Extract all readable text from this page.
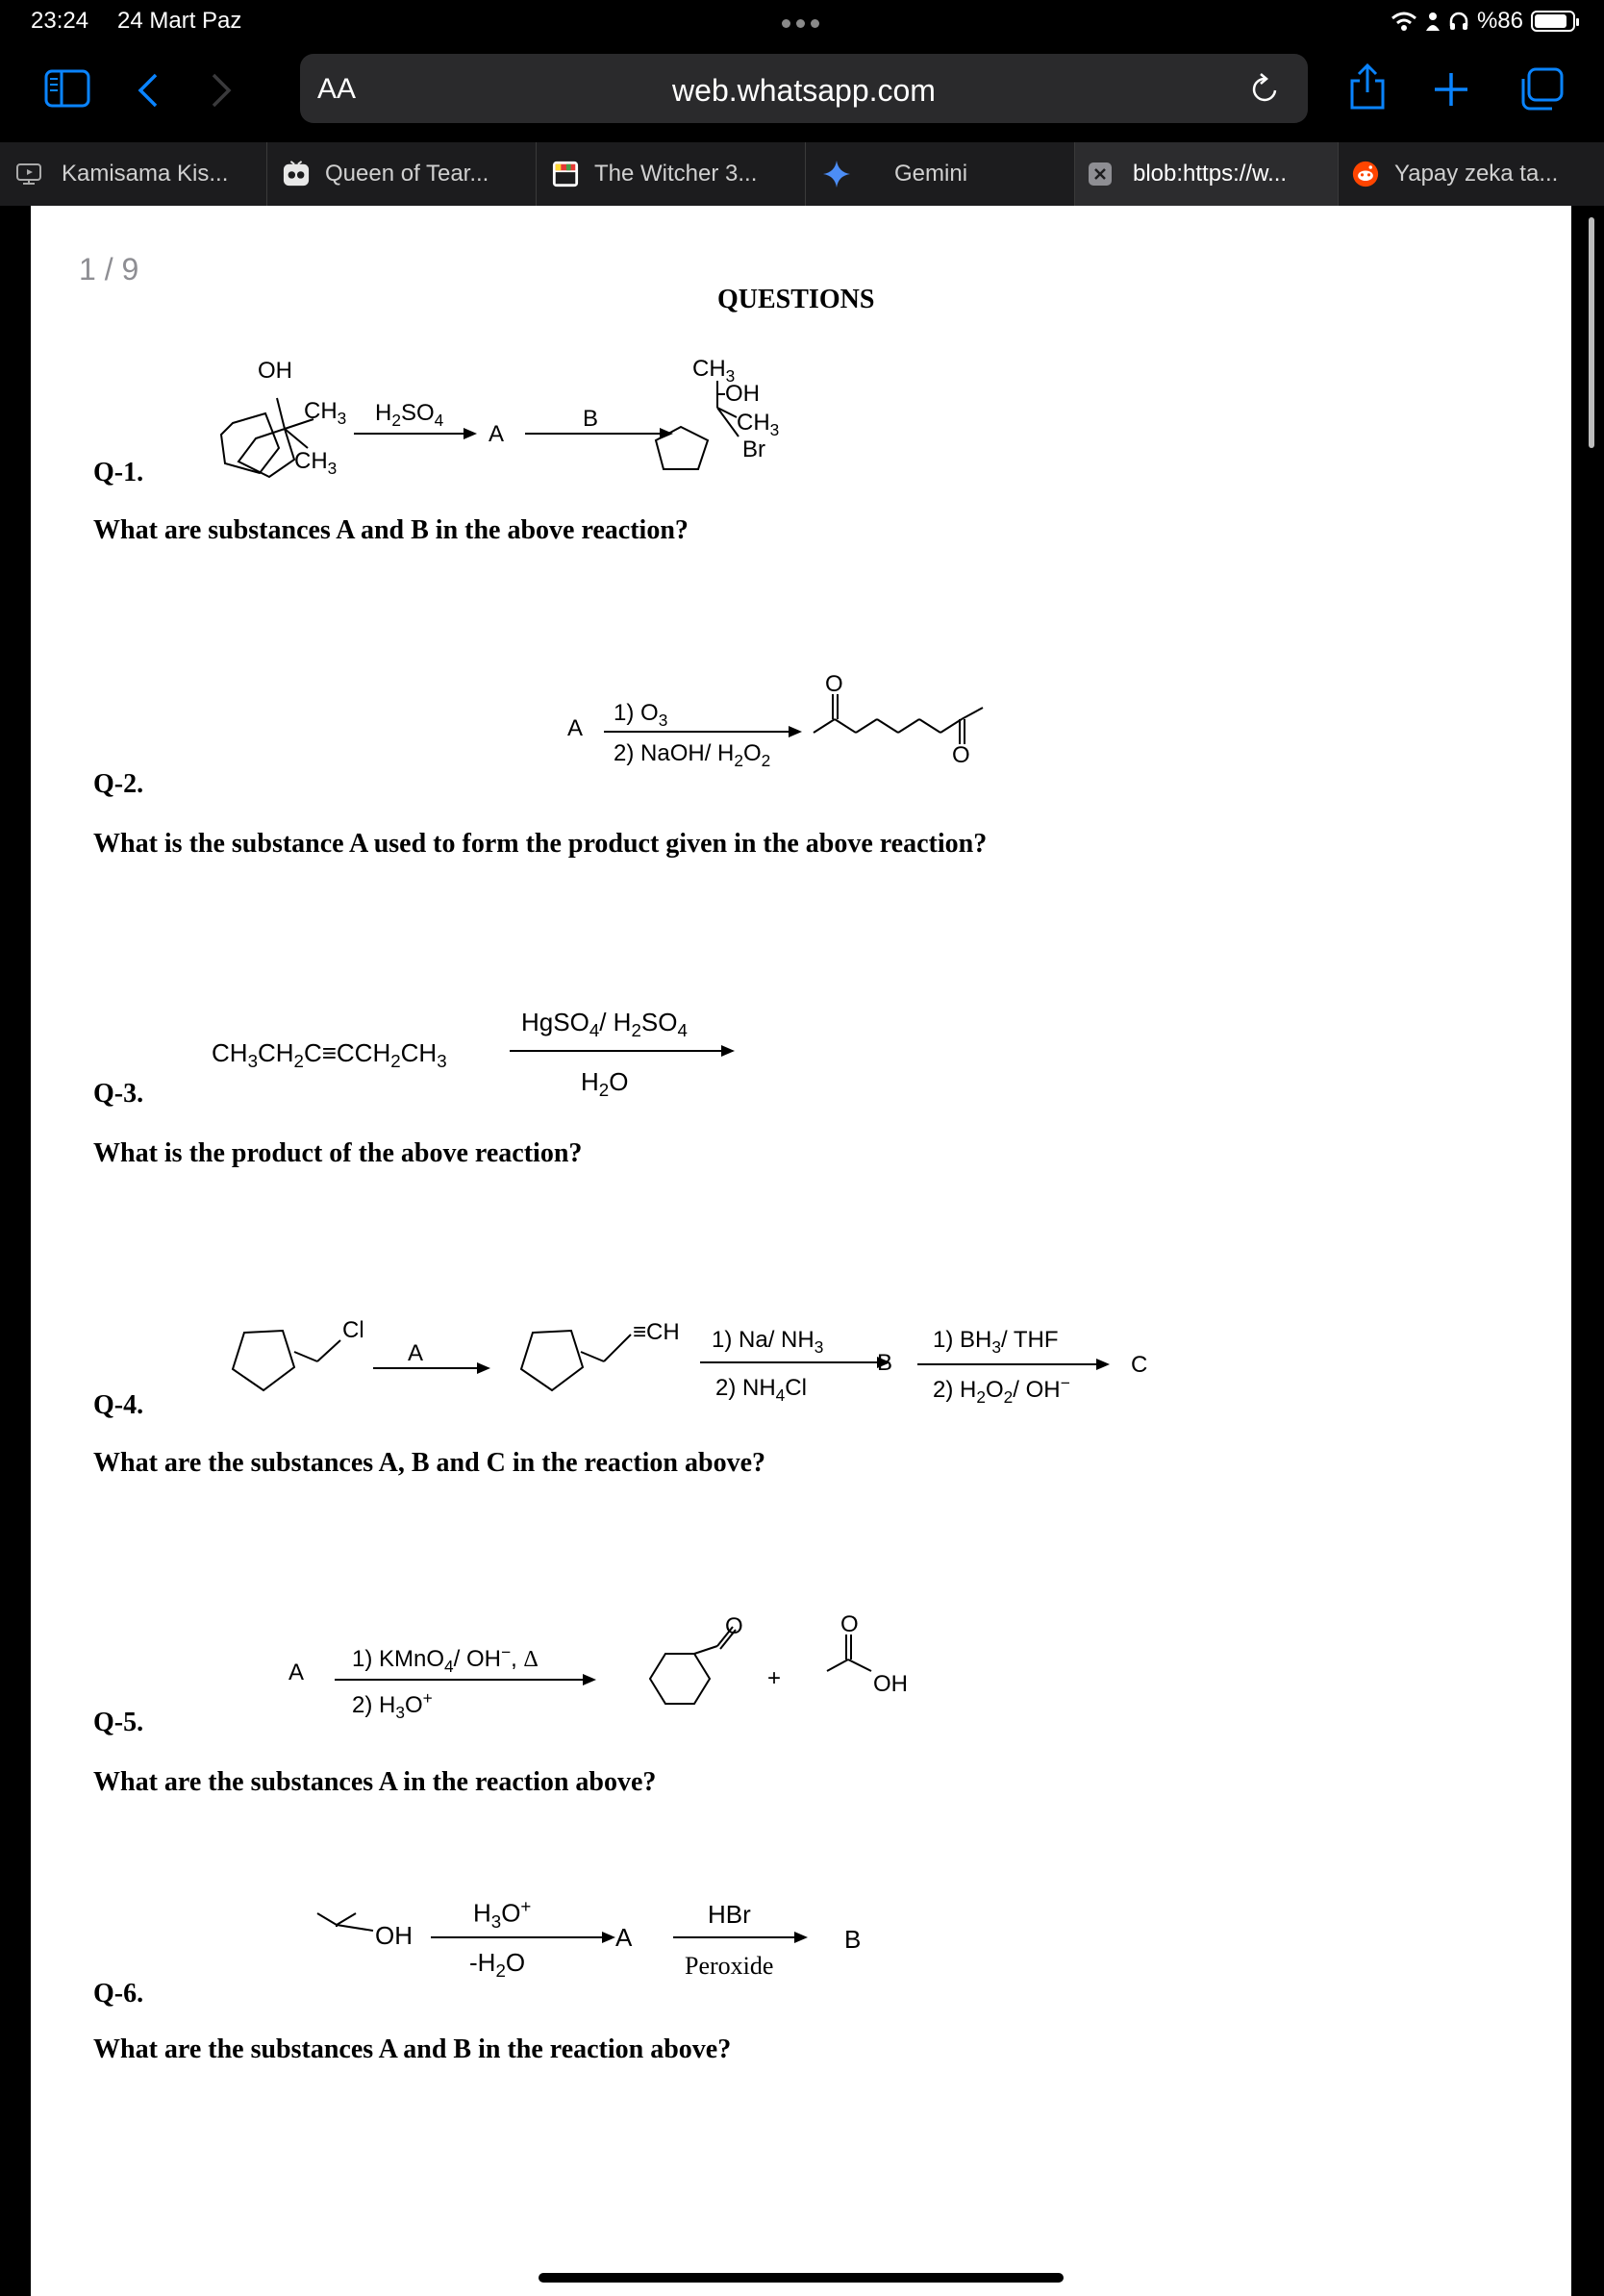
23:24 24 Mart Paz	%86
AA	web.whatsapp.com
Kamisama Kis...	Queen of Tear...	The Witcher 3...	Gemini	blob:https://w...	Yapay zeka ta...
QUESTIONS
OH
$CH_3$
$CH_3$
$H_2SO_4$
A
B
$CH_3$
OH
$CH_3$
Br
Q-1.
What are substances A and B in the above reaction?
A
1) $O_3$
2) NaOH/ $H_2O_2$
O
O
Q-2.
What is the substance A used to form the product given in the above reaction?
$CH_3CH_2C\equiv CCH_2CH_3$
HgSO$_4$/ $H_2SO_4$
$H_2O$
Q-3.
What is the product of the above reaction?
Cl
A
≡CH 1) Na/ $NH_3$
2) $NH_4Cl$
B
1) $BH_3/$ THF
2) $H_2O_2/$ OH−
C
Q-4.
What are the substances A, B and C in the reaction above?
A
1) KMnO$_4$/ OH−, Δ
2) $H_3O^+$
O
+
O
OH
Q-5.
What are the substances A in the reaction above?
OH
$H_3O^+$
$-H_2O$
A
HBr
Peroxide
B
Q-6.
What are the substances A and B in the reaction above?
1 / 9
